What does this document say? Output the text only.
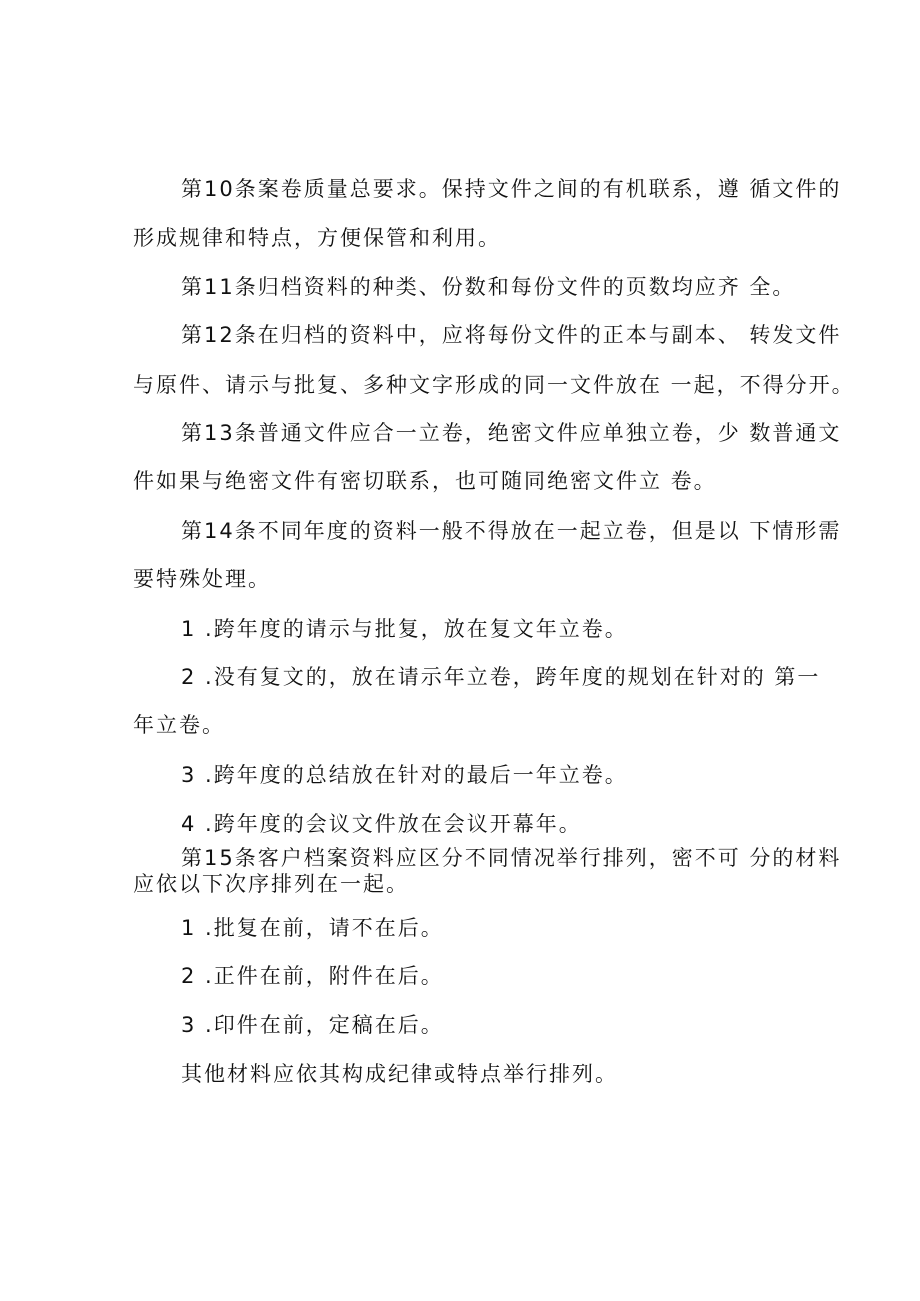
第10条案卷质量总要求。保持文件之间的有机联系，遵 循文件的

形成规律和特点，方便保管和利用。

第11条归档资料的种类、份数和每份文件的页数均应齐 全。

第12条在归档的资料中，应将每份文件的正本与副本、 转发文件

与原件、请示与批复、多种文字形成的同一文件放在 一起，不得分开。

第13条普通文件应合一立卷，绝密文件应单独立卷，少 数普通文

件如果与绝密文件有密切联系，也可随同绝密文件立 卷。

第14条不同年度的资料一般不得放在一起立卷，但是以 下情形需

要特殊处理。

1 .跨年度的请示与批复，放在复文年立卷。

2 .没有复文的，放在请示年立卷，跨年度的规划在针对的 第一

年立卷。

3 .跨年度的总结放在针对的最后一年立卷。

4 .跨年度的会议文件放在会议开幕年。

第15条客户档案资料应区分不同情况举行排列，密不可 分的材料

应依以下次序排列在一起。

1 .批复在前，请不在后。

2 .正件在前，附件在后。

3 .印件在前，定稿在后。

其他材料应依其构成纪律或特点举行排列。
